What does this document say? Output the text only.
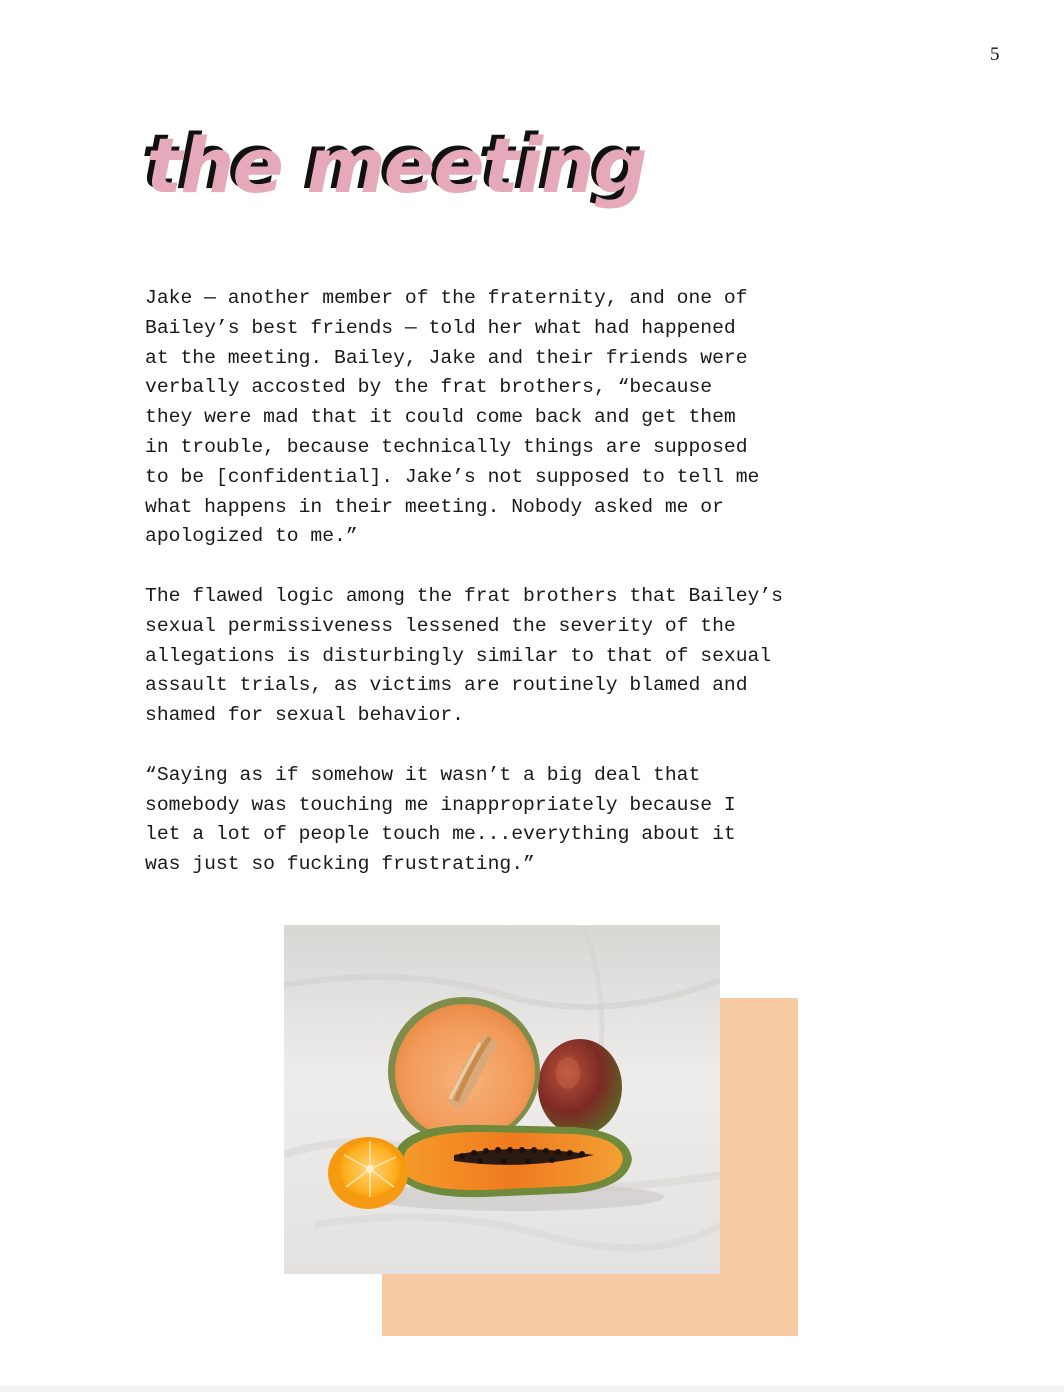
5
the meeting

Jake — another member of the fraternity, and one of
Bailey’s best friends — told her what had happened
at the meeting. Bailey, Jake and their friends were
verbally accosted by the frat brothers, “because
they were mad that it could come back and get them
in trouble, because technically things are supposed
to be [confidential]. Jake’s not supposed to tell me
what happens in their meeting. Nobody asked me or
apologized to me.”

The flawed logic among the frat brothers that Bailey’s
sexual permissiveness lessened the severity of the
allegations is disturbingly similar to that of sexual
assault trials, as victims are routinely blamed and
shamed for sexual behavior.

“Saying as if somehow it wasn’t a big deal that
somebody was touching me inappropriately because I
let a lot of people touch me...everything about it
was just so fucking frustrating.”
